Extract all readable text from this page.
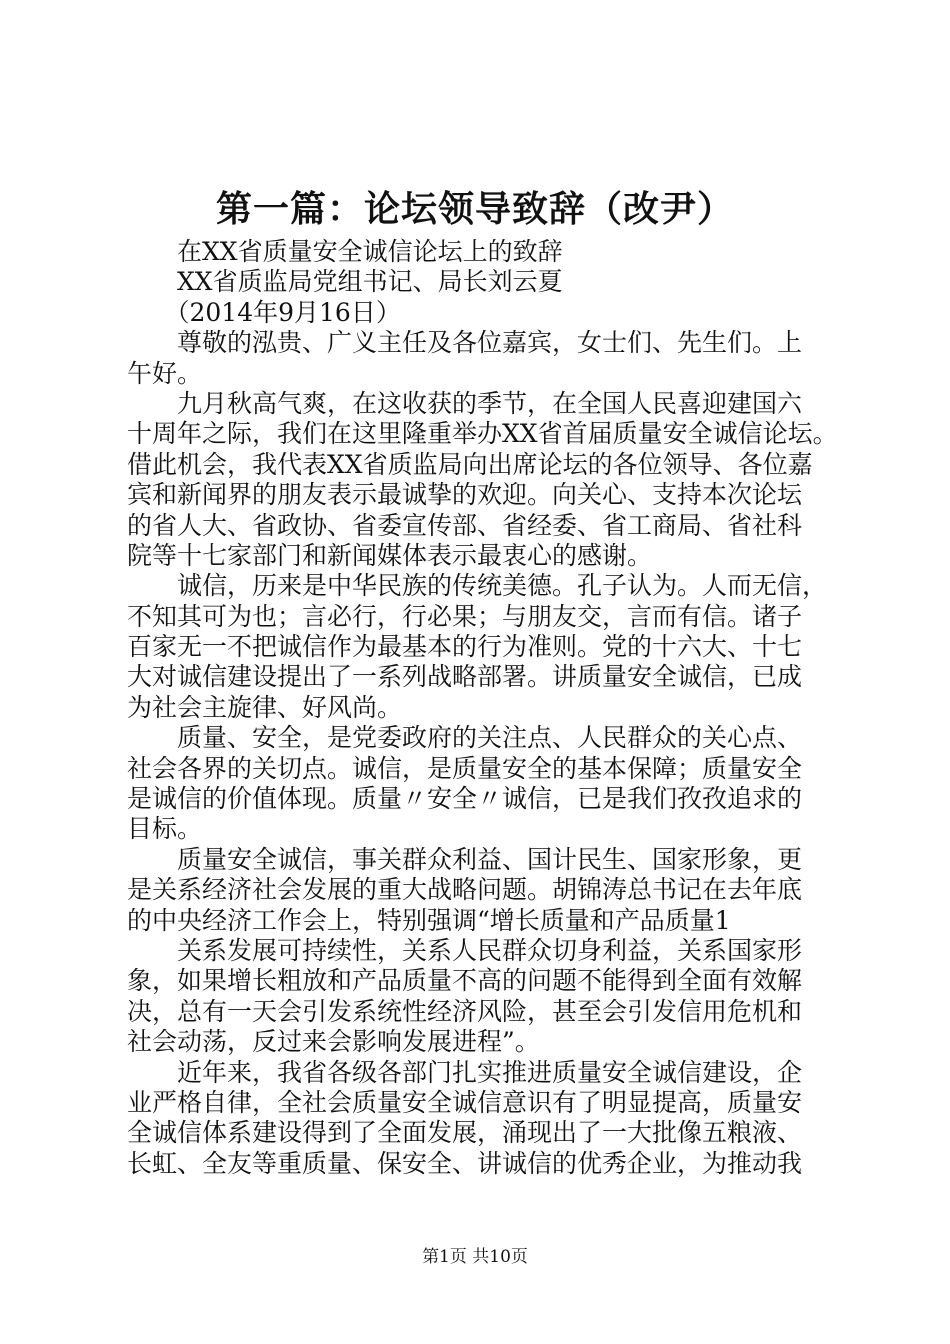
第一篇：论坛领导致辞（改尹）
　　在XX省质量安全诚信论坛上的致辞
　　XX省质监局党组书记、局长刘云夏
　　（2014年9月16日）
　　尊敬的泓贵、广义主任及各位嘉宾，女士们、先生们。上
午好。
　　九月秋高气爽，在这收获的季节，在全国人民喜迎建国六
十周年之际，我们在这里隆重举办XX省首届质量安全诚信论坛。
借此机会，我代表XX省质监局向出席论坛的各位领导、各位嘉
宾和新闻界的朋友表示最诚挚的欢迎。向关心、支持本次论坛
的省人大、省政协、省委宣传部、省经委、省工商局、省社科
院等十七家部门和新闻媒体表示最衷心的感谢。
　　诚信，历来是中华民族的传统美德。孔子认为。人而无信，
不知其可为也；言必行，行必果；与朋友交，言而有信。诸子
百家无一不把诚信作为最基本的行为准则。党的十六大、十七
大对诚信建设提出了一系列战略部署。讲质量安全诚信，已成
为社会主旋律、好风尚。
　　质量、安全，是党委政府的关注点、人民群众的关心点、
社会各界的关切点。诚信，是质量安全的基本保障；质量安全
是诚信的价值体现。质量〃安全〃诚信，已是我们孜孜追求的
目标。
　　质量安全诚信，事关群众利益、国计民生、国家形象，更
是关系经济社会发展的重大战略问题。胡锦涛总书记在去年底
的中央经济工作会上，特别强调“增长质量和产品质量1
　　关系发展可持续性，关系人民群众切身利益，关系国家形
象，如果增长粗放和产品质量不高的问题不能得到全面有效解
决，总有一天会引发系统性经济风险，甚至会引发信用危机和
社会动荡，反过来会影响发展进程”。
　　近年来，我省各级各部门扎实推进质量安全诚信建设，企
业严格自律，全社会质量安全诚信意识有了明显提高，质量安
全诚信体系建设得到了全面发展，涌现出了一大批像五粮液、
长虹、全友等重质量、保安全、讲诚信的优秀企业，为推动我
第1页 共10页
